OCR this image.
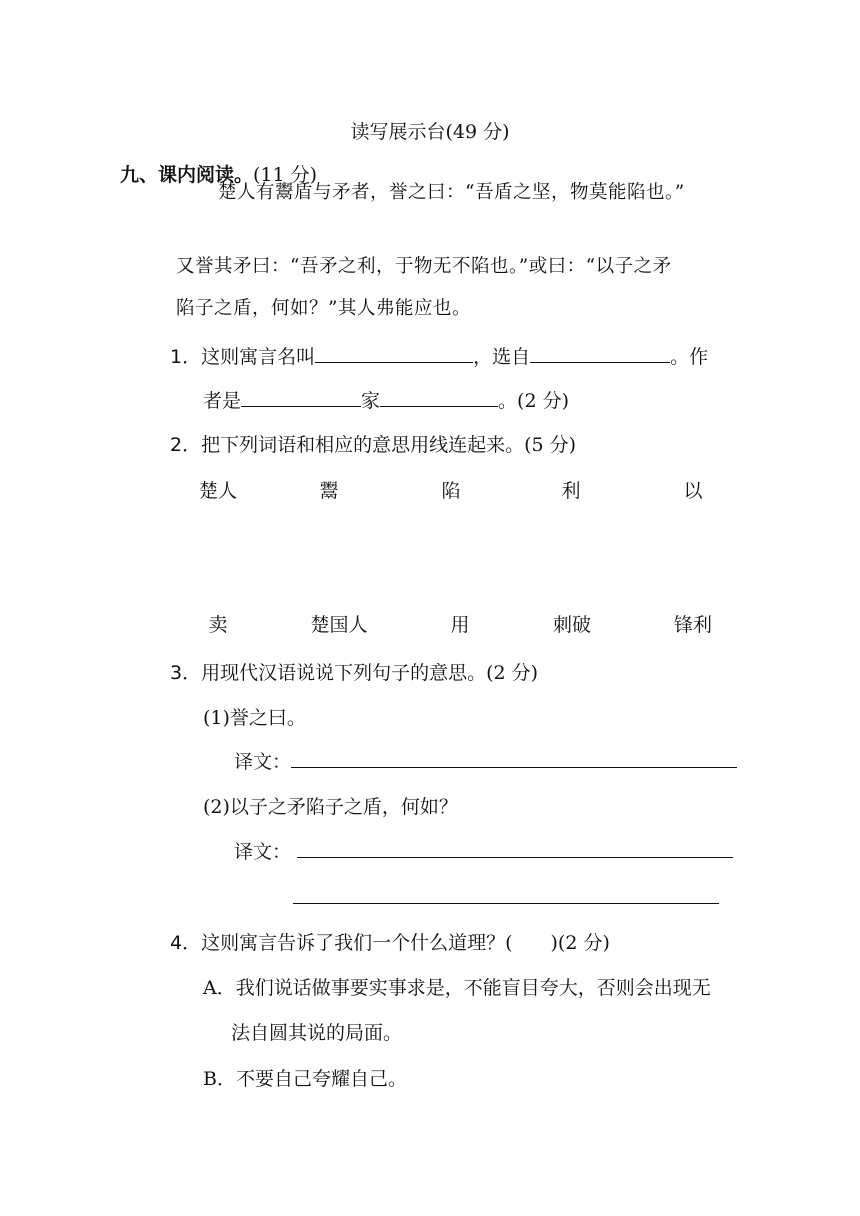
读写展示台(49 分)
九、课内阅读。(11 分)
楚人有鬻盾与矛者，誉之曰：“吾盾之坚，物莫能陷也。”
又誉其矛曰：“吾矛之利，于物无不陷也。”或曰：“以子之矛
陷子之盾，何如？”其人弗能应也。
1．这则寓言名叫	，选自	。作
者是	家	。(2 分)
2．把下列词语和相应的意思用线连起来。(5 分)
楚人	鬻	陷	利	以
卖	楚国人	用	刺破	锋利
3．用现代汉语说说下列句子的意思。(2 分)
(1)誉之曰。
译文：
(2)以子之矛陷子之盾，何如？
译文：
4．这则寓言告诉了我们一个什么道理？(　　)(2 分)
A．我们说话做事要实事求是，不能盲目夸大，否则会出现无
法自圆其说的局面。
B．不要自己夸耀自己。
